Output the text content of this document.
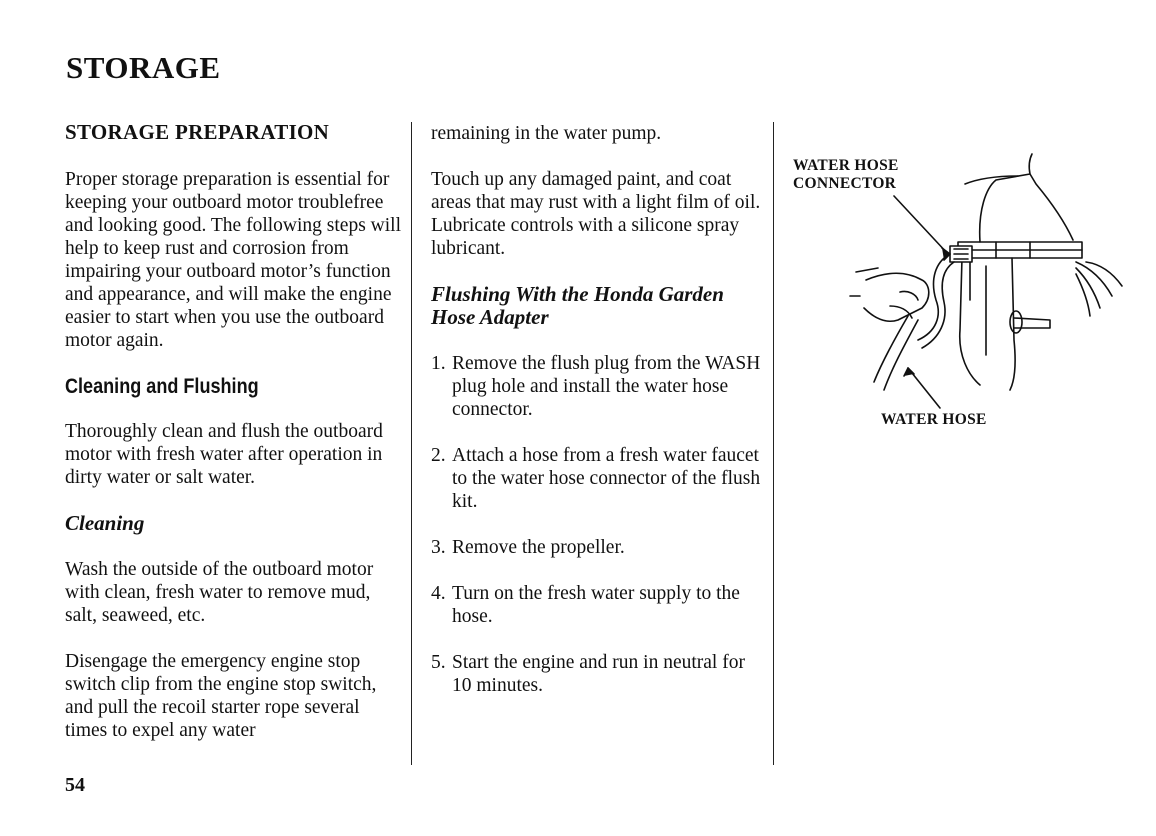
STORAGE
STORAGE PREPARATION

Proper storage preparation is essential for keeping your outboard motor troublefree and looking good. The following steps will help to keep rust and corrosion from impairing your outboard motor’s function and appearance, and will make the engine easier to start when you use the outboard motor again.

Cleaning and Flushing

Thoroughly clean and flush the outboard motor with fresh water after operation in dirty water or salt water.

Cleaning

Wash the outside of the outboard motor with clean, fresh water to remove mud, salt, seaweed, etc.

Disengage the emergency engine stop switch clip from the engine stop switch, and pull the recoil starter rope several times to expel any water

remaining in the water pump.

Touch up any damaged paint, and coat areas that may rust with a light film of oil. Lubricate controls with a silicone spray lubricant.

Flushing With the Honda Garden Hose Adapter
1. Remove the flush plug from the WASH plug hole and install the water hose connector.
2. Attach a hose from a fresh water faucet to the water hose connector of the flush kit.
3. Remove the propeller.
4. Turn on the fresh water supply to the hose.
5. Start the engine and run in neutral for 10 minutes.
WATER HOSE CONNECTOR
WATER HOSE
54
